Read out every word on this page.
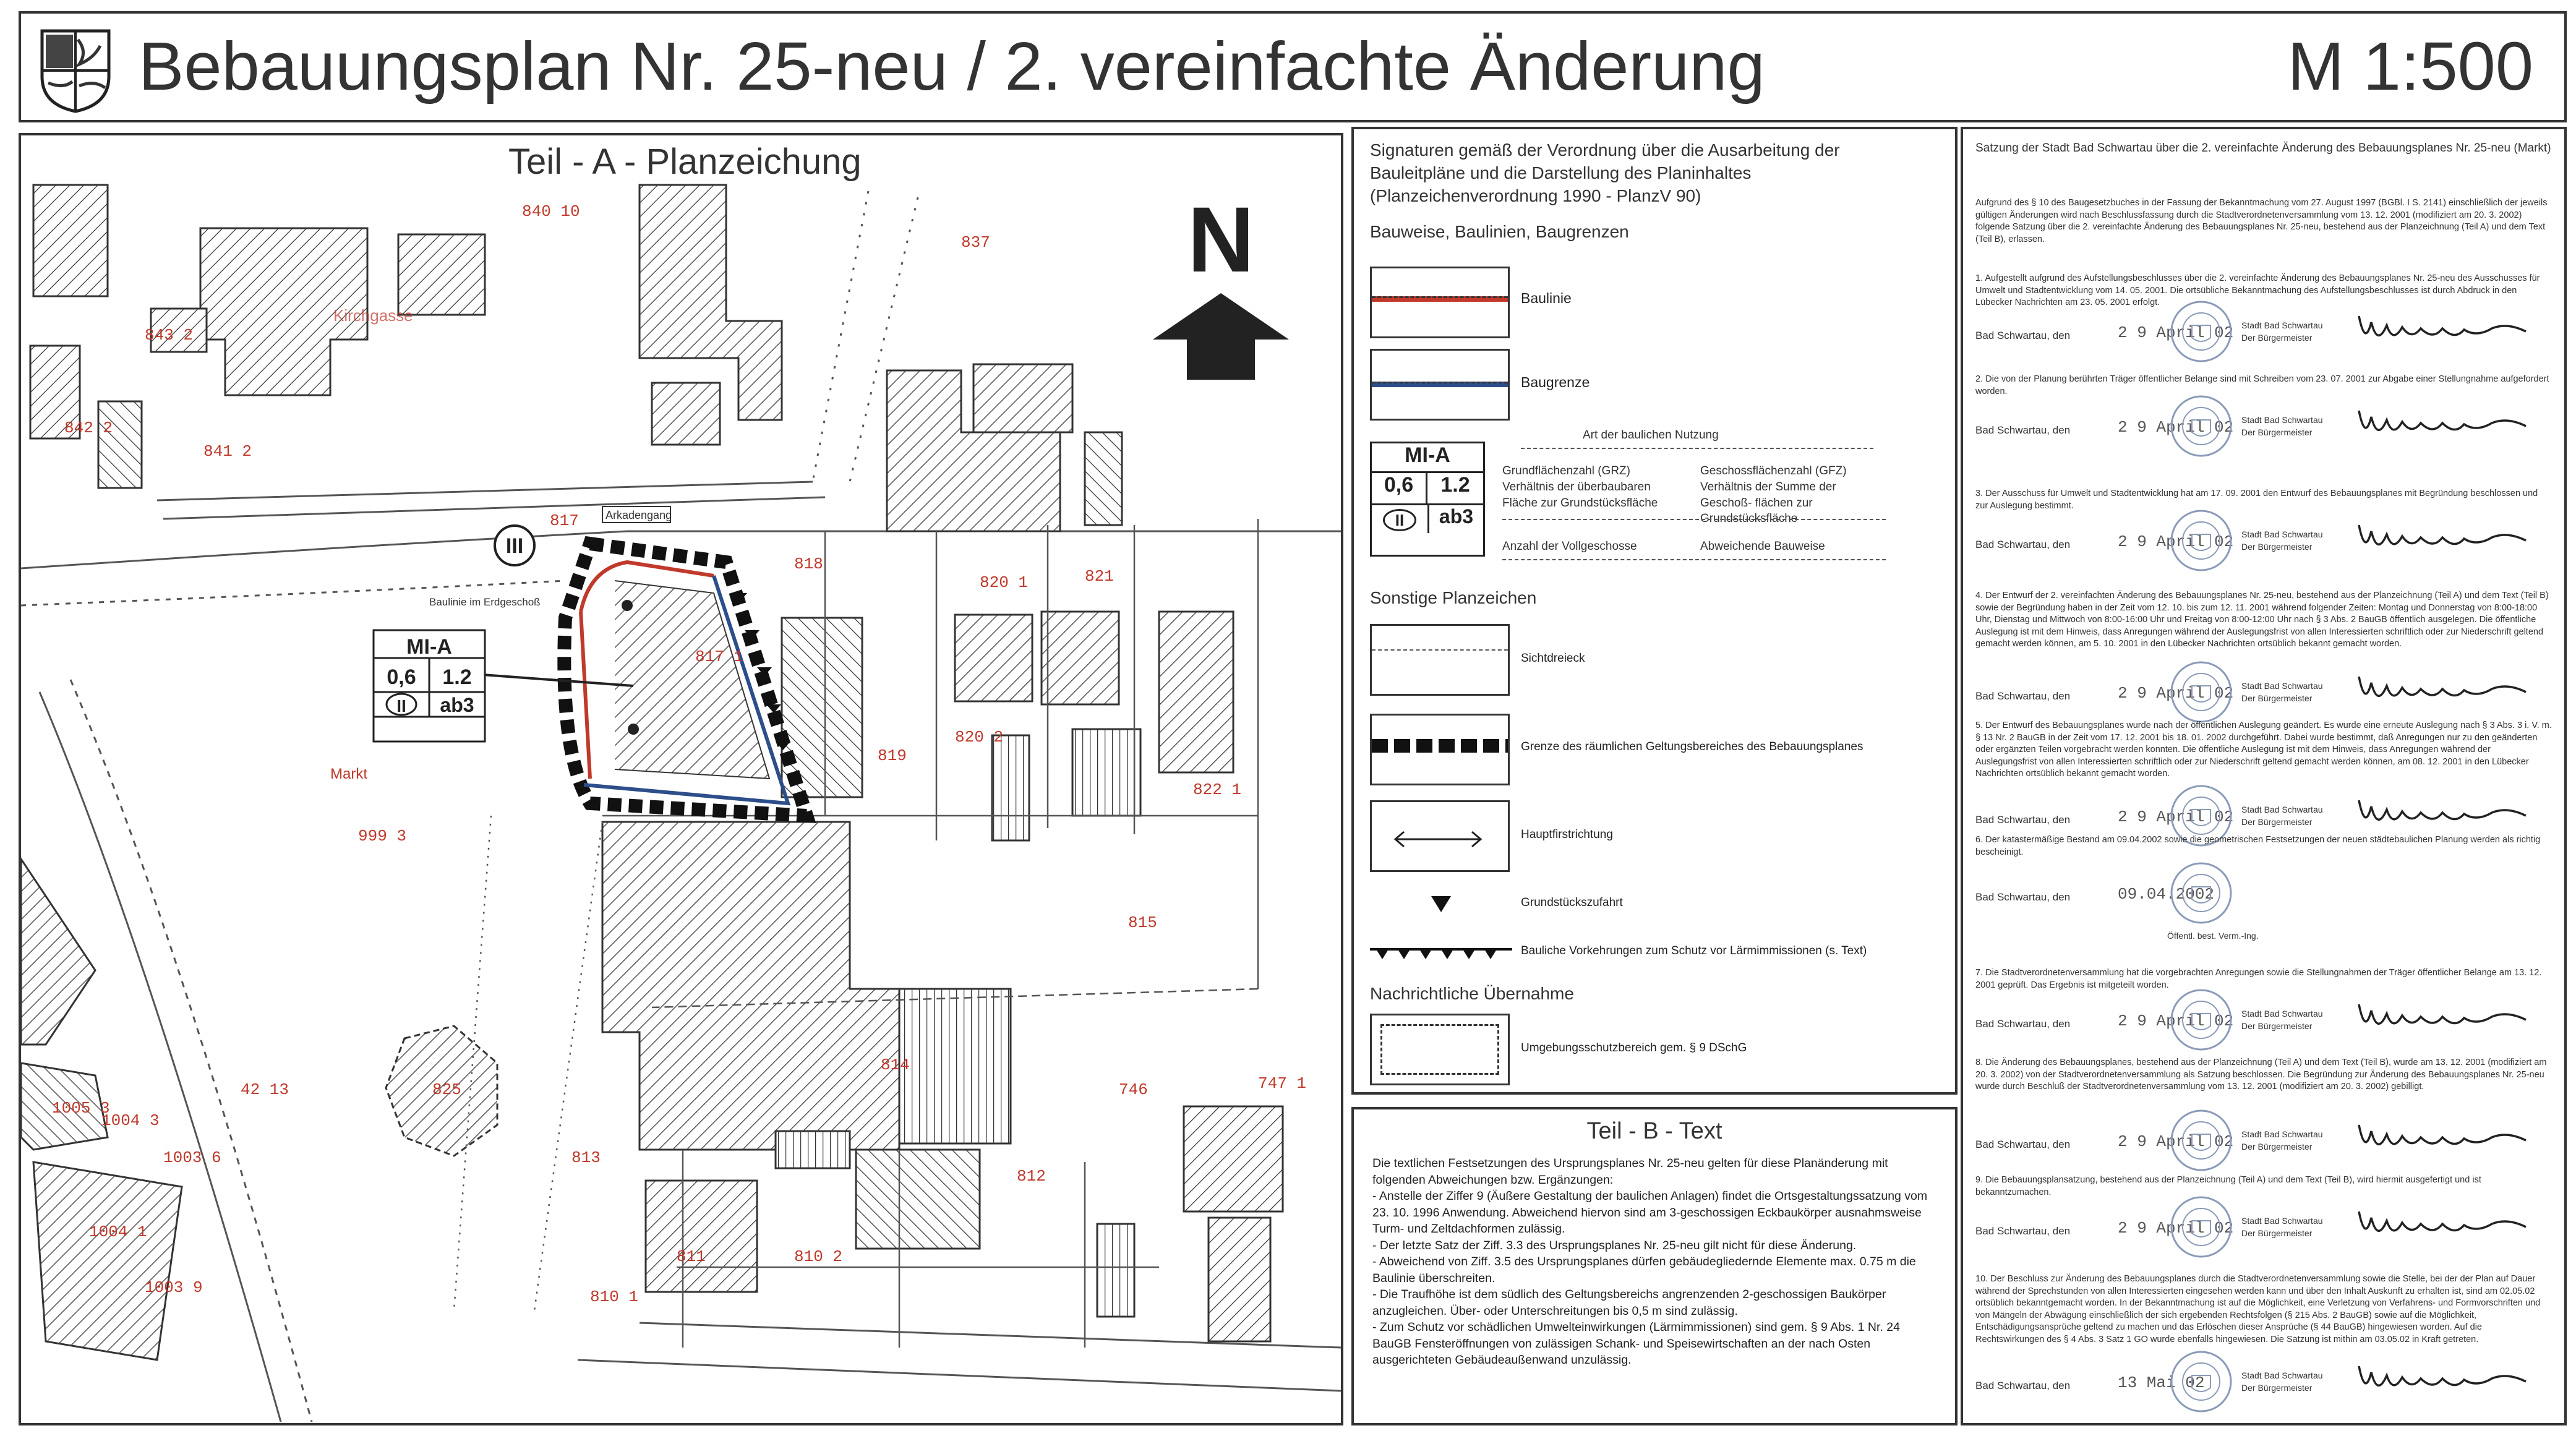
Bebauungsplan Nr. 25-neu / 2. vereinfachte Änderung	M 1:500
III
Teil - A - Planzeichung
N
Arkadengang
Baulinie im Erdgeschoß
Kirchgasse
Markt
MI-A
0,6 1.2
II ab3
840 10
837
843 2
842 2
841 2
817
818
820 1	821
817 1
819
820 2
822 1
815
999 3
814
746	747 1
42 13
1005 3
1004 3
1003 6	813
812
811	810 2
810 1
1003 9
1004 1
825
Signaturen gemäß der Verordnung über die Ausarbeitung der Bauleitpläne und die Darstellung des Planinhaltes (Planzeichenverordnung 1990 - PlanzV 90)
Bauweise, Baulinien, Baugrenzen
Baulinie
Baugrenze
Art der baulichen Nutzung
MI-A
0,6	1.2
II	ab3
Grundflächenzahl (GRZ)
Verhältnis der überbaubaren Fläche zur Grundstücksfläche
Geschossflächenzahl (GFZ)
Verhältnis der Summe der Geschoß- flächen zur Grundstücksfläche
Anzahl der Vollgeschosse	Abweichende Bauweise
Sonstige Planzeichen
Sichtdreieck
Grenze des räumlichen Geltungsbereiches des Bebauungsplanes
Hauptfirstrichtung
Grundstückszufahrt
Bauliche Vorkehrungen zum Schutz vor Lärmimmissionen (s. Text)
Nachrichtliche Übernahme
Umgebungsschutzbereich gem. § 9 DSchG
Teil - B - Text
Die textlichen Festsetzungen des Ursprungsplanes Nr. 25-neu gelten für diese Planänderung mit folgenden Abweichungen bzw. Ergänzungen:
- Anstelle der Ziffer 9 (Äußere Gestaltung der baulichen Anlagen) findet die Ortsgestaltungssatzung vom 23. 10. 1996 Anwendung. Abweichend hiervon sind am 3-geschossigen Eckbaukörper ausnahmsweise Turm- und Zeltdachformen zulässig.
- Der letzte Satz der Ziff. 3.3 des Ursprungsplanes Nr. 25-neu gilt nicht für diese Änderung.
- Abweichend von Ziff. 3.5 des Ursprungsplanes dürfen gebäudegliedernde Elemente max. 0.75 m die Baulinie überschreiten.
- Die Traufhöhe ist dem südlich des Geltungsbereichs angrenzenden 2-geschossigen Baukörper anzugleichen. Über- oder Unterschreitungen bis 0,5 m sind zulässig.
- Zum Schutz vor schädlichen Umwelteinwirkungen (Lärmimmissionen) sind gem. § 9 Abs. 1 Nr. 24 BauGB Fensteröffnungen von zulässigen Schank- und Speisewirtschaften an der nach Osten ausgerichteten Gebäudeaußenwand unzulässig.
Satzung der Stadt Bad Schwartau über die 2. vereinfachte Änderung des Bebauungsplanes Nr. 25-neu (Markt)
Aufgrund des § 10 des Baugesetzbuches in der Fassung der Bekanntmachung vom 27. August 1997 (BGBl. I S. 2141) einschließlich der jeweils gültigen Änderungen wird nach Beschlussfassung durch die Stadtverordnetenversammlung vom 13. 12. 2001 (modifiziert am 20. 3. 2002) folgende Satzung über die 2. vereinfachte Änderung des Bebauungsplanes Nr. 25-neu, bestehend aus der Planzeichnung (Teil A) und dem Text (Teil B), erlassen.
1. Aufgestellt aufgrund des Aufstellungsbeschlusses über die 2. vereinfachte Änderung des Bebauungsplanes Nr. 25-neu des Ausschusses für Umwelt und Stadtentwicklung vom 14. 05. 2001. Die ortsübliche Bekanntmachung des Aufstellungsbeschlusses ist durch Abdruck in den Lübecker Nachrichten am 23. 05. 2001 erfolgt.
Bad Schwartau, den	2 9 April 02 Stadt Bad Schwartau
Der Bürgermeister
2. Die von der Planung berührten Träger öffentlicher Belange sind mit Schreiben vom 23. 07. 2001 zur Abgabe einer Stellungnahme aufgefordert worden.
Bad Schwartau, den	2 9 April 02 Stadt Bad Schwartau
Der Bürgermeister
3. Der Ausschuss für Umwelt und Stadtentwicklung hat am 17. 09. 2001 den Entwurf des Bebauungsplanes mit Begründung beschlossen und zur Auslegung bestimmt.
Bad Schwartau, den	2 9 April 02 Stadt Bad Schwartau
Der Bürgermeister
4. Der Entwurf der 2. vereinfachten Änderung des Bebauungsplanes Nr. 25-neu, bestehend aus der Planzeichnung (Teil A) und dem Text (Teil B) sowie der Begründung haben in der Zeit vom 12. 10. bis zum 12. 11. 2001 während folgender Zeiten: Montag und Donnerstag von 8:00-18:00 Uhr, Dienstag und Mittwoch von 8:00-16:00 Uhr und Freitag von 8:00-12:00 Uhr nach § 3 Abs. 2 BauGB öffentlich ausgelegen. Die öffentliche Auslegung ist mit dem Hinweis, dass Anregungen während der Auslegungsfrist von allen Interessierten schriftlich oder zur Niederschrift geltend gemacht werden können, am 5. 10. 2001 in den Lübecker Nachrichten ortsüblich bekannt gemacht worden.
Bad Schwartau, den	2 9 April 02 Stadt Bad Schwartau
Der Bürgermeister
5. Der Entwurf des Bebauungsplanes wurde nach der öffentlichen Auslegung geändert. Es wurde eine erneute Auslegung nach § 3 Abs. 3 i. V. m. § 13 Nr. 2 BauGB in der Zeit vom 17. 12. 2001 bis 18. 01. 2002 durchgeführt. Dabei wurde bestimmt, daß Anregungen nur zu den geänderten oder ergänzten Teilen vorgebracht werden konnten. Die öffentliche Auslegung ist mit dem Hinweis, dass Anregungen während der Auslegungsfrist von allen Interessierten schriftlich oder zur Niederschrift geltend gemacht werden können, am 08. 12. 2001 in den Lübecker Nachrichten ortsüblich bekannt gemacht worden.
Bad Schwartau, den	2 9 April 02 Stadt Bad Schwartau
Der Bürgermeister
6. Der katastermäßige Bestand am 09.04.2002 sowie die geometrischen Festsetzungen der neuen städtebaulichen Planung werden als richtig bescheinigt.
Bad Schwartau, den	09.04.2002
Öffentl. best. Verm.-Ing.
7. Die Stadtverordnetenversammlung hat die vorgebrachten Anregungen sowie die Stellungnahmen der Träger öffentlicher Belange am 13. 12. 2001 geprüft. Das Ergebnis ist mitgeteilt worden.
Bad Schwartau, den	2 9 April 02 Stadt Bad Schwartau
Der Bürgermeister
8. Die Änderung des Bebauungsplanes, bestehend aus der Planzeichnung (Teil A) und dem Text (Teil B), wurde am 13. 12. 2001 (modifiziert am 20. 3. 2002) von der Stadtverordnetenversammlung als Satzung beschlossen. Die Begründung zur Änderung des Bebauungsplanes Nr. 25-neu wurde durch Beschluß der Stadtverordnetenversammlung vom 13. 12. 2001 (modifiziert am 20. 3. 2002) gebilligt.
Bad Schwartau, den	2 9 April 02 Stadt Bad Schwartau
Der Bürgermeister
9. Die Bebauungsplansatzung, bestehend aus der Planzeichnung (Teil A) und dem Text (Teil B), wird hiermit ausgefertigt und ist bekanntzumachen.
Bad Schwartau, den	2 9 April 02 Stadt Bad Schwartau
Der Bürgermeister
10. Der Beschluss zur Änderung des Bebauungsplanes durch die Stadtverordnetenversammlung sowie die Stelle, bei der der Plan auf Dauer während der Sprechstunden von allen Interessierten eingesehen werden kann und über den Inhalt Auskunft zu erhalten ist, sind am 02.05.02 ortsüblich bekanntgemacht worden. In der Bekanntmachung ist auf die Möglichkeit, eine Verletzung von Verfahrens- und Formvorschriften und von Mängeln der Abwägung einschließlich der sich ergebenden Rechtsfolgen (§ 215 Abs. 2 BauGB) sowie auf die Möglichkeit, Entschädigungsansprüche geltend zu machen und das Erlöschen dieser Ansprüche (§ 44 BauGB) hingewiesen worden. Auf die Rechtswirkungen des § 4 Abs. 3 Satz 1 GO wurde ebenfalls hingewiesen. Die Satzung ist mithin am 03.05.02 in Kraft getreten.
Bad Schwartau, den	13 Mai 02	Stadt Bad Schwartau
Der Bürgermeister
